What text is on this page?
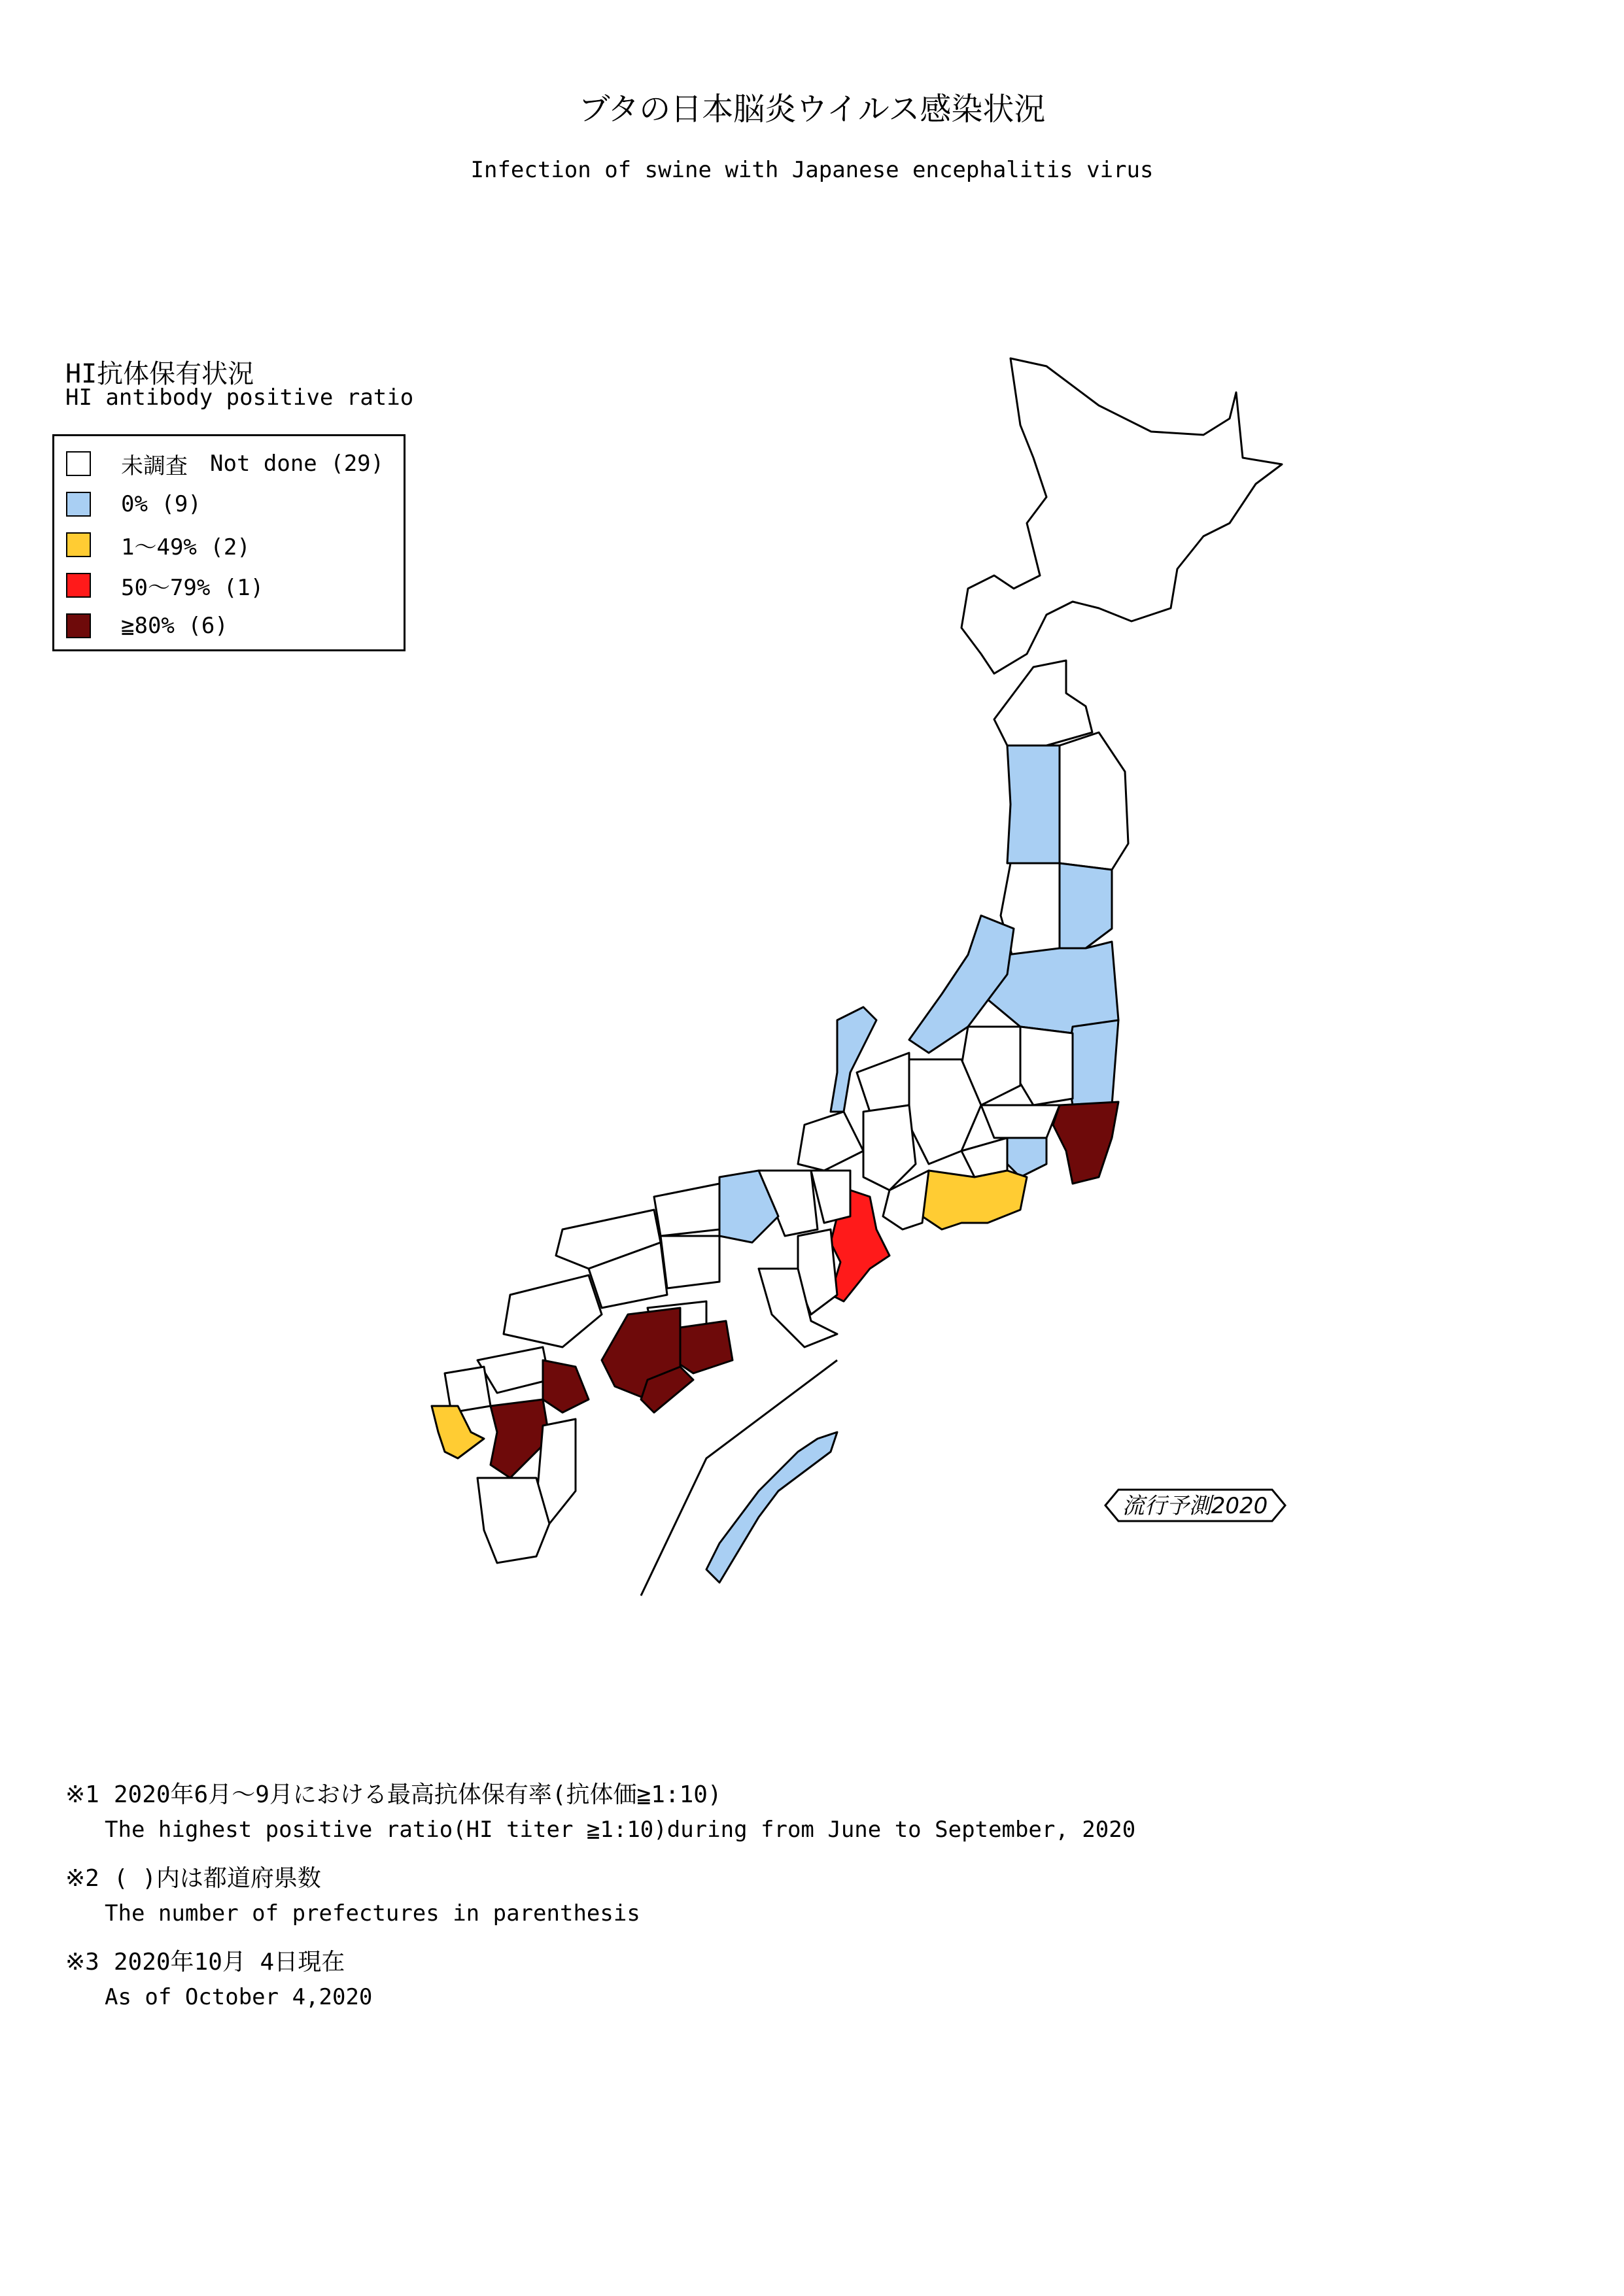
ブタの日本脳炎ウイルス感染状況
Infection of swine with Japanese encephalitis virus
HI抗体保有状況
HI antibody positive ratio
未調査 Not done (29)
0% (9)
1〜49% (2)
50〜79% (1)
≧80% (6)
流行予測2020
※1 2020年6月〜9月における最高抗体保有率(抗体価≧1:10)
The highest positive ratio(HI titer ≧1:10)during from June to September, 2020
※2 ( )内は都道府県数
The number of prefectures in parenthesis
※3 2020年10月 4日現在
As of October 4,2020
